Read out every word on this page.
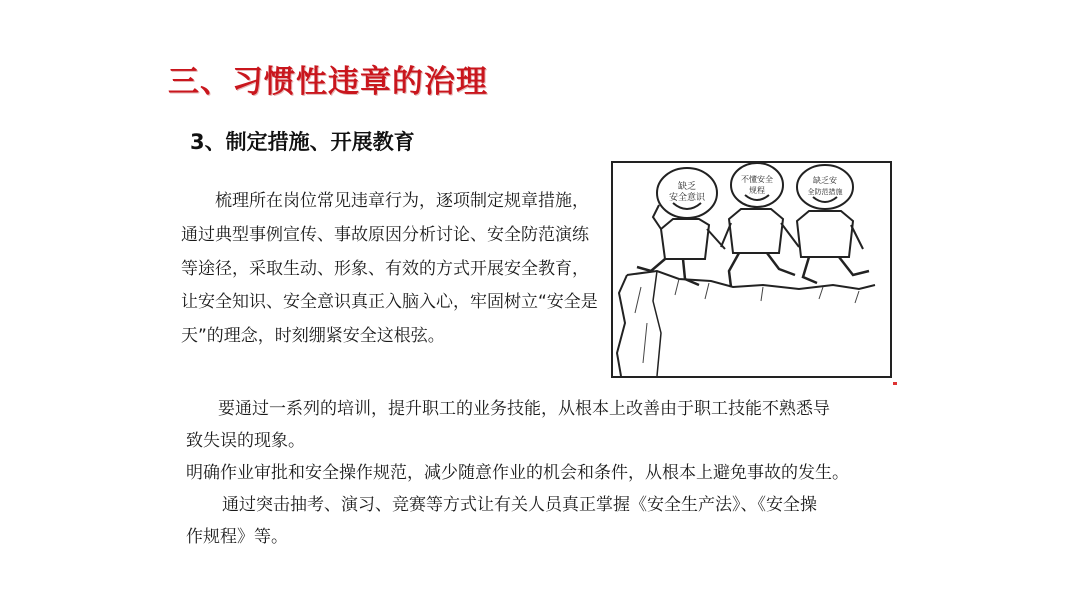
三、习惯性违章的治理
3、制定措施、开展教育
梳理所在岗位常见违章行为，逐项制定规章措施，通过典型事例宣传、事故原因分析讨论、安全防范演练等途径，采取生动、形象、有效的方式开展安全教育，让安全知识、安全意识真正入脑入心，牢固树立“安全是天”的理念，时刻绷紧安全这根弦。
要通过一系列的培训，提升职工的业务技能，从根本上改善由于职工技能不熟悉导
致失误的现象。
明确作业审批和安全操作规范，减少随意作业的机会和条件，从根本上避免事故的发生。
通过突击抽考、演习、竞赛等方式让有关人员真正掌握《安全生产法》、《安全操
作规程》等。
缺乏
安全意识
不懂安全
规程
缺乏安
全防范措施
